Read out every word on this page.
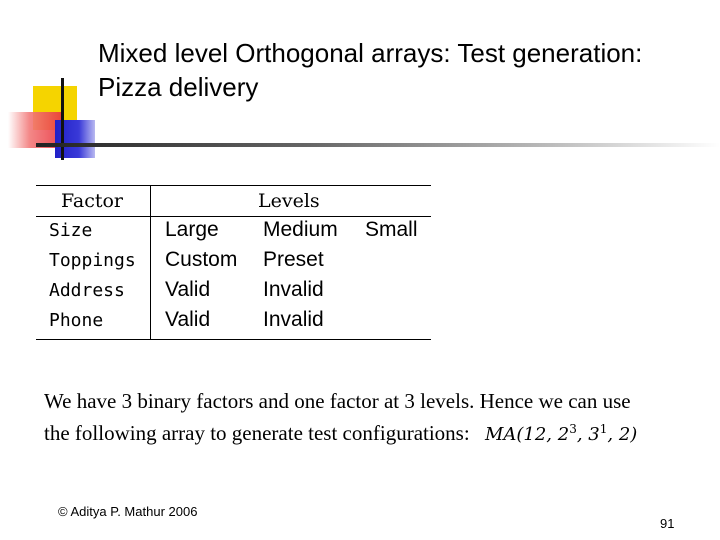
Mixed level Orthogonal arrays: Test generation: Pizza delivery
Factor	Levels
Size	Large Medium Small
Toppings Custom Preset
Address Valid	Invalid
Phone	Valid	Invalid
We have 3 binary factors and one factor at 3 levels. Hence we can use the following array to generate test configurations: MA(12, $2^3$, $3^1$, 2)
© Aditya P. Mathur 2006
91
